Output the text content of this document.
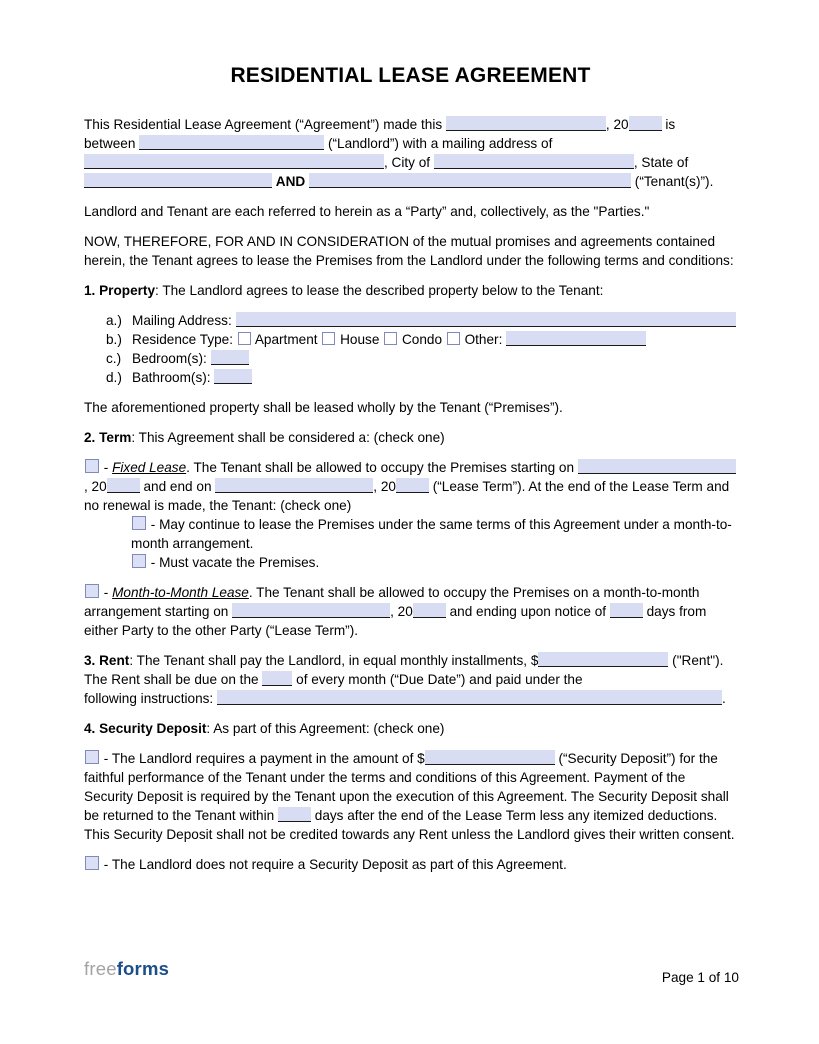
RESIDENTIAL LEASE AGREEMENT
This Residential Lease Agreement (“Agreement”) made this	, 20 is
between	(“Landlord”) with a mailing address of , City of	, State of  AND	(“Tenant(s)”).
Landlord and Tenant are each referred to herein as a “Party” and, collectively, as the "Parties."
NOW, THEREFORE, FOR AND IN CONSIDERATION of the mutual promises and agreements contained herein, the Tenant agrees to lease the Premises from the Landlord under the following terms and conditions:
1. Property: The Landlord agrees to lease the described property below to the Tenant:
a.) Mailing Address:
b.) Residence Type:  Apartment  House  Condo  Other:
c.) Bedroom(s):
d.) Bathroom(s):
The aforementioned property shall be leased wholly by the Tenant (“Premises”).
2. Term: This Agreement shall be considered a: (check one)
- Fixed Lease. The Tenant shall be allowed to occupy the Premises starting on , 20 and end on	, 20 (“Lease Term”). At the end of the Lease Term and no renewal is made, the Tenant: (check one)
- May continue to lease the Premises under the same terms of this Agreement under a month-to-month arrangement.
- Must vacate the Premises.
- Month-to-Month Lease. The Tenant shall be allowed to occupy the Premises on a month-to-month arrangement starting on	, 20 and ending upon notice of  days from either Party to the other Party (“Lease Term”).
3. Rent: The Tenant shall pay the Landlord, in equal monthly installments, $	("Rent"). The Rent shall be due on the  of every month (“Due Date”) and paid under the
following instructions:	.
4. Security Deposit: As part of this Agreement: (check one)
- The Landlord requires a payment in the amount of $	(“Security Deposit”) for the faithful performance of the Tenant under the terms and conditions of this Agreement. Payment of the Security Deposit is required by the Tenant upon the execution of this Agreement. The Security Deposit shall be returned to the Tenant within  days after the end of the Lease Term less any itemized deductions. This Security Deposit shall not be credited towards any Rent unless the Landlord gives their written consent.
- The Landlord does not require a Security Deposit as part of this Agreement.
freeforms	Page 1 of 10
